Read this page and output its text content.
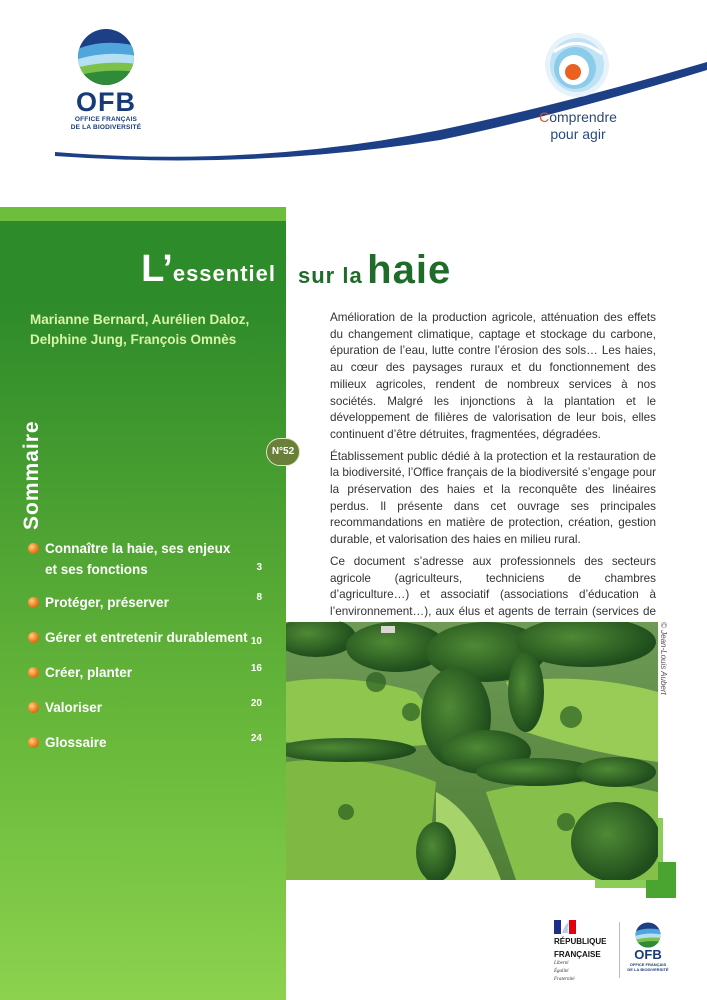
OFB
OFFICE FRANÇAIS
DE LA BIODIVERSITÉ
Comprendre
pour agir
L’essentiel sur la haie
Marianne Bernard, Aurélien Daloz,
Delphine Jung, François Omnès
Sommaire	N°52
Connaître la haie, ses enjeux et ses fonctions	3
Protéger, préserver	8
Gérer et entretenir durablement 10
Créer, planter	16
Valoriser	20
Glossaire	24

Amélioration de la production agricole, atténuation des effets du changement climatique, captage et stockage du carbone, épuration de l’eau, lutte contre l’érosion des sols… Les haies, au cœur des paysages ruraux et du fonctionnement des milieux agricoles, rendent de nombreux services à nos sociétés. Malgré les injonctions à la plantation et le développement de filières de valorisation de leur bois, elles continuent d’être détruites, fragmentées, dégradées.

Établissement public dédié à la protection et la restauration de la biodiversité, l’Office français de la biodiversité s’engage pour la préservation des haies et la reconquête des linéaires perdus. Il présente dans cet ouvrage ses principales recommandations en matière de protection, création, gestion durable, et valorisation des haies en milieu rural.

Ce document s’adresse aux professionnels des secteurs agricole (agriculteurs, techniciens de chambres d’agriculture…) et associatif (associations d’éducation à l’environnement…), aux élus et agents de terrain (services de

© Jean-Louis Aubert
RÉPUBLIQUE
FRANÇAISE
Liberté
Égalité
Fraternité
OFB
OFFICE FRANÇAIS
DE LA BIODIVERSITÉ
